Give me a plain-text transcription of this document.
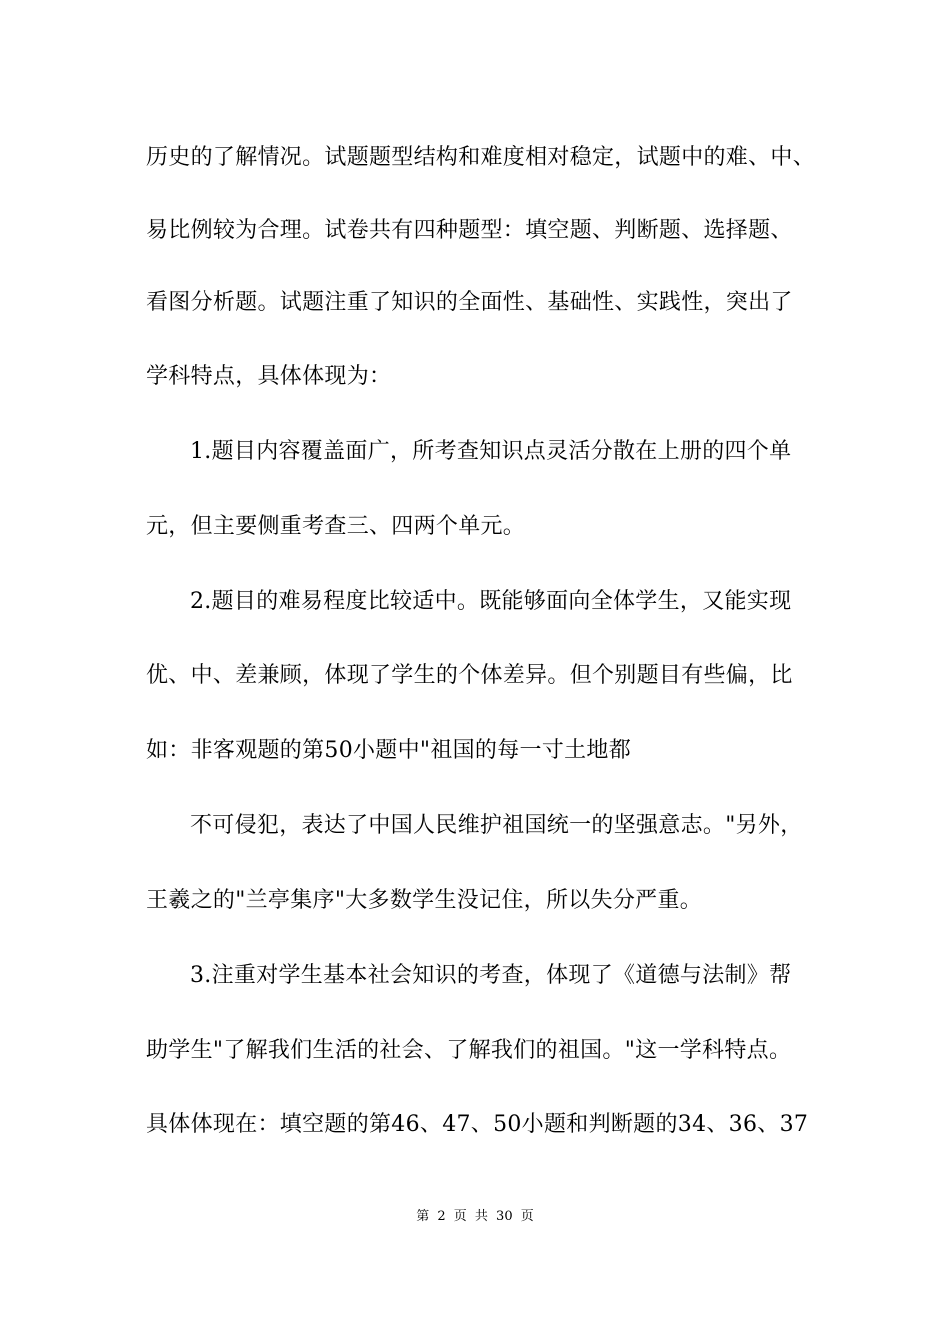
历史的了解情况。试题题型结构和难度相对稳定，试题中的难、中、
易比例较为合理。试卷共有四种题型：填空题、判断题、选择题、
看图分析题。试题注重了知识的全面性、基础性、实践性，突出了
学科特点，具体体现为：
1.题目内容覆盖面广，所考查知识点灵活分散在上册的四个单
元，但主要侧重考查三、四两个单元。
2.题目的难易程度比较适中。既能够面向全体学生，又能实现
优、中、差兼顾，体现了学生的个体差异。但个别题目有些偏，比
如：非客观题的第50小题中"祖国的每一寸土地都
不可侵犯，表达了中国人民维护祖国统一的坚强意志。"另外，
王羲之的"兰亭集序"大多数学生没记住，所以失分严重。
3.注重对学生基本社会知识的考查，体现了《道德与法制》帮
助学生"了解我们生活的社会、了解我们的祖国。"这一学科特点。
具体体现在：填空题的第46、47、50小题和判断题的34、36、37
第 2 页 共 30 页
